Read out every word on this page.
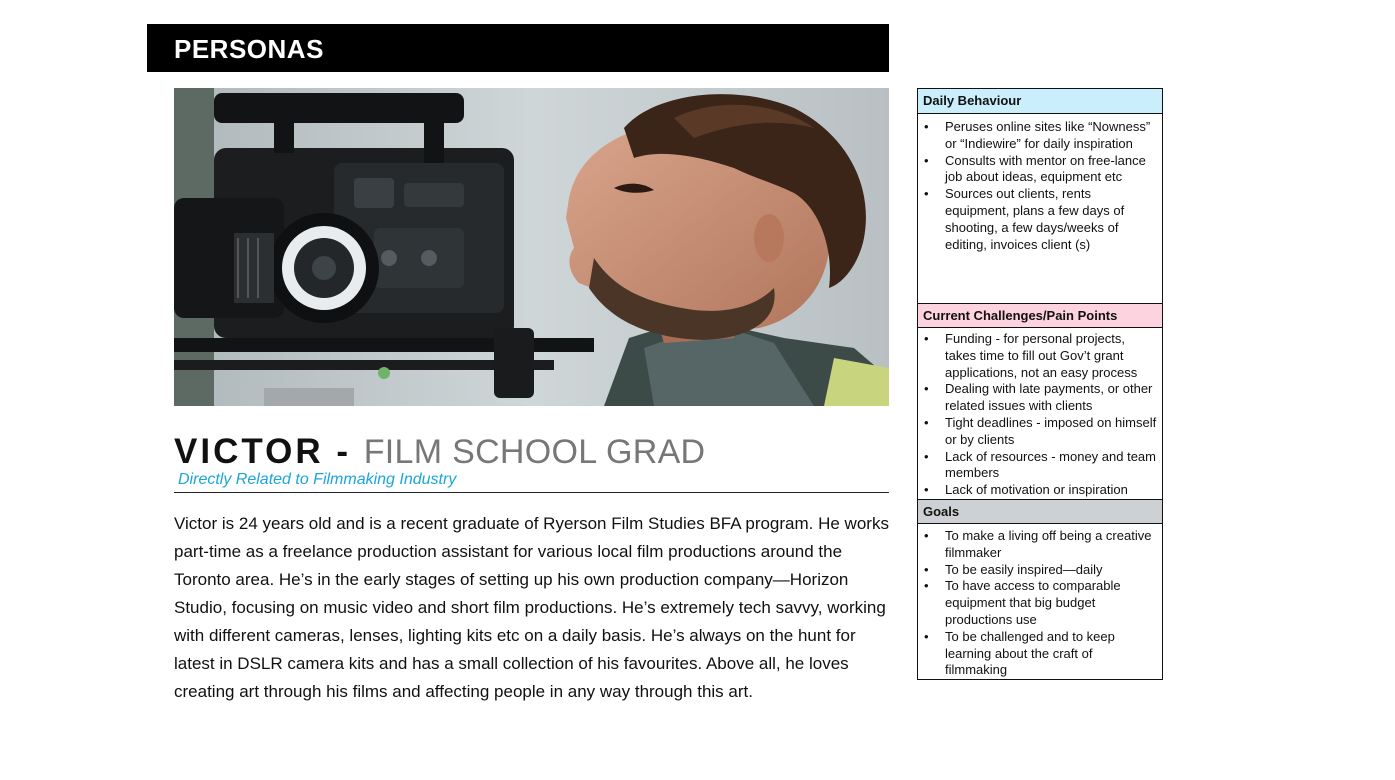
PERSONAS
VICTOR - FILM SCHOOL GRAD
Directly Related to Filmmaking Industry

Victor is 24 years old and is a recent graduate of Ryerson Film Studies BFA program. He works part-time as a freelance production assistant for various local film productions around the Toronto area. He’s in the early stages of setting up his own production company—Horizon Studio, focusing on music video and short film productions. He’s extremely tech savvy, working with different cameras, lenses, lighting kits etc on a daily basis. He’s always on the hunt for latest in DSLR camera kits and has a small collection of his favourites. Above all, he loves creating art through his films and affecting people in any way through this art.

Daily Behaviour
• Peruses online sites like “Nowness” or “Indiewire” for daily inspiration
• Consults with mentor on free-lance job about ideas, equipment etc
• Sources out clients, rents equipment, plans a few days of shooting, a few days/weeks of editing, invoices client (s)
Current Challenges/Pain Points
• Funding - for personal projects, takes time to fill out Gov’t grant applications, not an easy process
• Dealing with late payments, or other related issues with clients
• Tight deadlines - imposed on himself or by clients
• Lack of resources - money and team members
• Lack of motivation or inspiration
Goals
• To make a living off being a creative filmmaker
• To be easily inspired—daily
• To have access to comparable equipment that big budget productions use
• To be challenged and to keep learning about the craft of filmmaking
